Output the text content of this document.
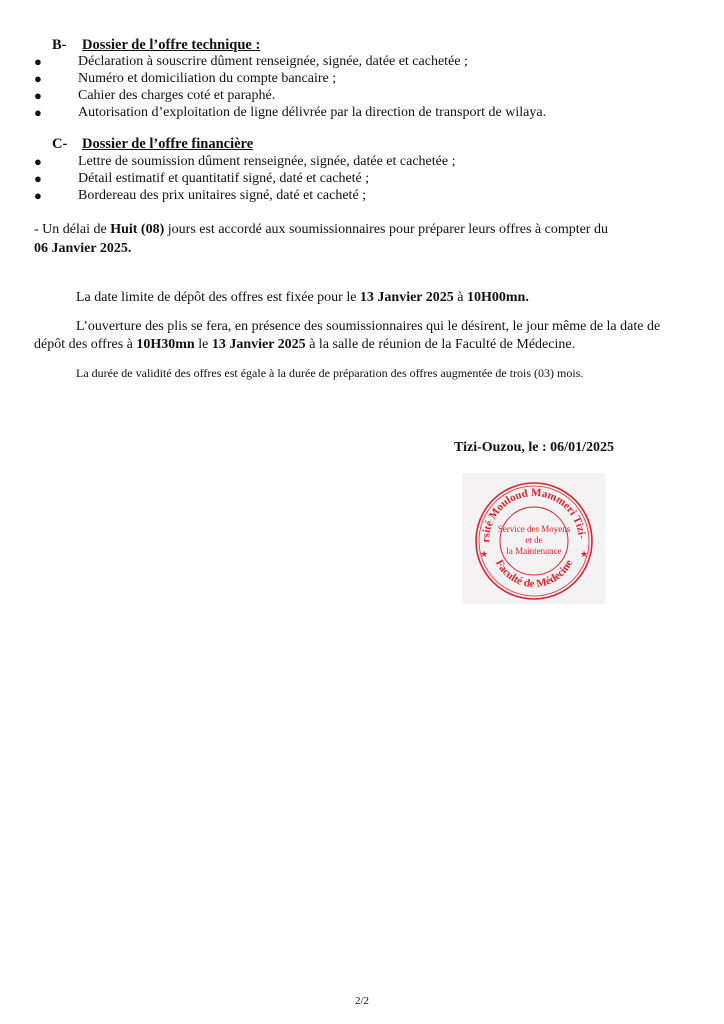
B- Dossier de l’offre technique :
●	Déclaration à souscrire dûment renseignée, signée, datée et cachetée ;
●	Numéro et domiciliation du compte bancaire ;
●	Cahier des charges coté et paraphé.
●	Autorisation d’exploitation de ligne délivrée par la direction de transport de wilaya.
C- Dossier de l’offre financière
●	Lettre de soumission dûment renseignée, signée, datée et cachetée ;
●	Détail estimatif et quantitatif signé, daté et cacheté ;
●	Bordereau des prix unitaires signé, daté et cacheté ;
- Un délai de Huit (08) jours est accordé aux soumissionnaires pour préparer leurs offres à compter du
06 Janvier 2025.
La date limite de dépôt des offres est fixée pour le 13 Janvier 2025 à 10H00mn.
L’ouverture des plis se fera, en présence des soumissionnaires qui le désirent, le jour même de la date de
dépôt des offres à 10H30mn le 13 Janvier 2025 à la salle de réunion de la Faculté de Médecine.
La durée de validité des offres est égale à la durée de préparation des offres augmentée de trois (03) mois.
Tizi-Ouzou, le : 06/01/2025
rsité Mouloud Mammeri Tizi-
Faculté de Médecine
Service des Moyens
et de
la Maintenance
★	★
2/2
